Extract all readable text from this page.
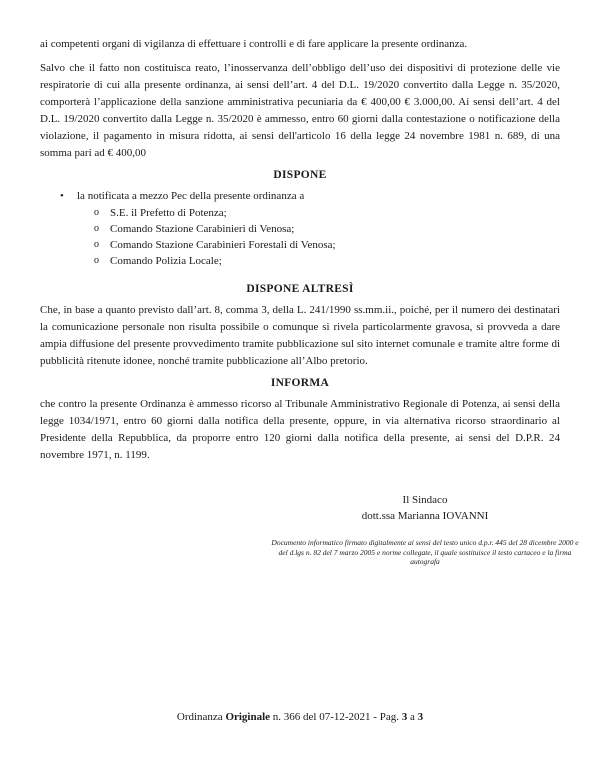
ai competenti organi di vigilanza di effettuare i controlli e di fare applicare la presente ordinanza.

Salvo che il fatto non costituisca reato, l’inosservanza dell’obbligo dell’uso dei dispositivi di protezione delle vie respiratorie di cui alla presente ordinanza, ai sensi dell’art. 4 del D.L. 19/2020 convertito dalla Legge n. 35/2020, comporterà l’applicazione della sanzione amministrativa pecuniaria da € 400,00 € 3.000,00. Ai sensi dell’art. 4 del D.L. 19/2020 convertito dalla Legge n. 35/2020 è ammesso, entro 60 giorni dalla contestazione o notificazione della violazione, il pagamento in misura ridotta, ai sensi dell'articolo 16 della legge 24 novembre 1981 n. 689, di una somma pari ad € 400,00

DISPONE

• la notificata a mezzo Pec della presente ordinanza a
o S.E. il Prefetto di Potenza;
o Comando Stazione Carabinieri di Venosa;
o Comando Stazione Carabinieri Forestali di Venosa;
o Comando Polizia Locale;

DISPONE ALTRESÌ

Che, in base a quanto previsto dall’art. 8, comma 3, della L. 241/1990 ss.mm.ii., poiché, per il numero dei destinatari la comunicazione personale non risulta possibile o comunque si rivela particolarmente gravosa, si provveda a dare ampia diffusione del presente provvedimento tramite pubblicazione sul sito internet comunale e tramite altre forme di pubblicità ritenute idonee, nonché tramite pubblicazione all’Albo pretorio.

INFORMA

che contro la presente Ordinanza è ammesso ricorso al Tribunale Amministrativo Regionale di Potenza, ai sensi della legge 1034/1971, entro 60 giorni dalla notifica della presente, oppure, in via alternativa ricorso straordinario al Presidente della Repubblica, da proporre entro 120 giorni dalla notifica della presente, ai sensi del D.P.R. 24 novembre 1971, n. 1199.

Il Sindaco
dott.ssa Marianna IOVANNI
Documento informatico firmato digitalmente ai sensi del testo unico d.p.r. 445 del 28 dicembre 2000 e del d.lgs n. 82 del 7 marzo 2005 e norme collegate, il quale sostituisce il testo cartaceo e la firma autografa
Ordinanza Originale n. 366 del 07-12-2021 - Pag. 3 a 3
